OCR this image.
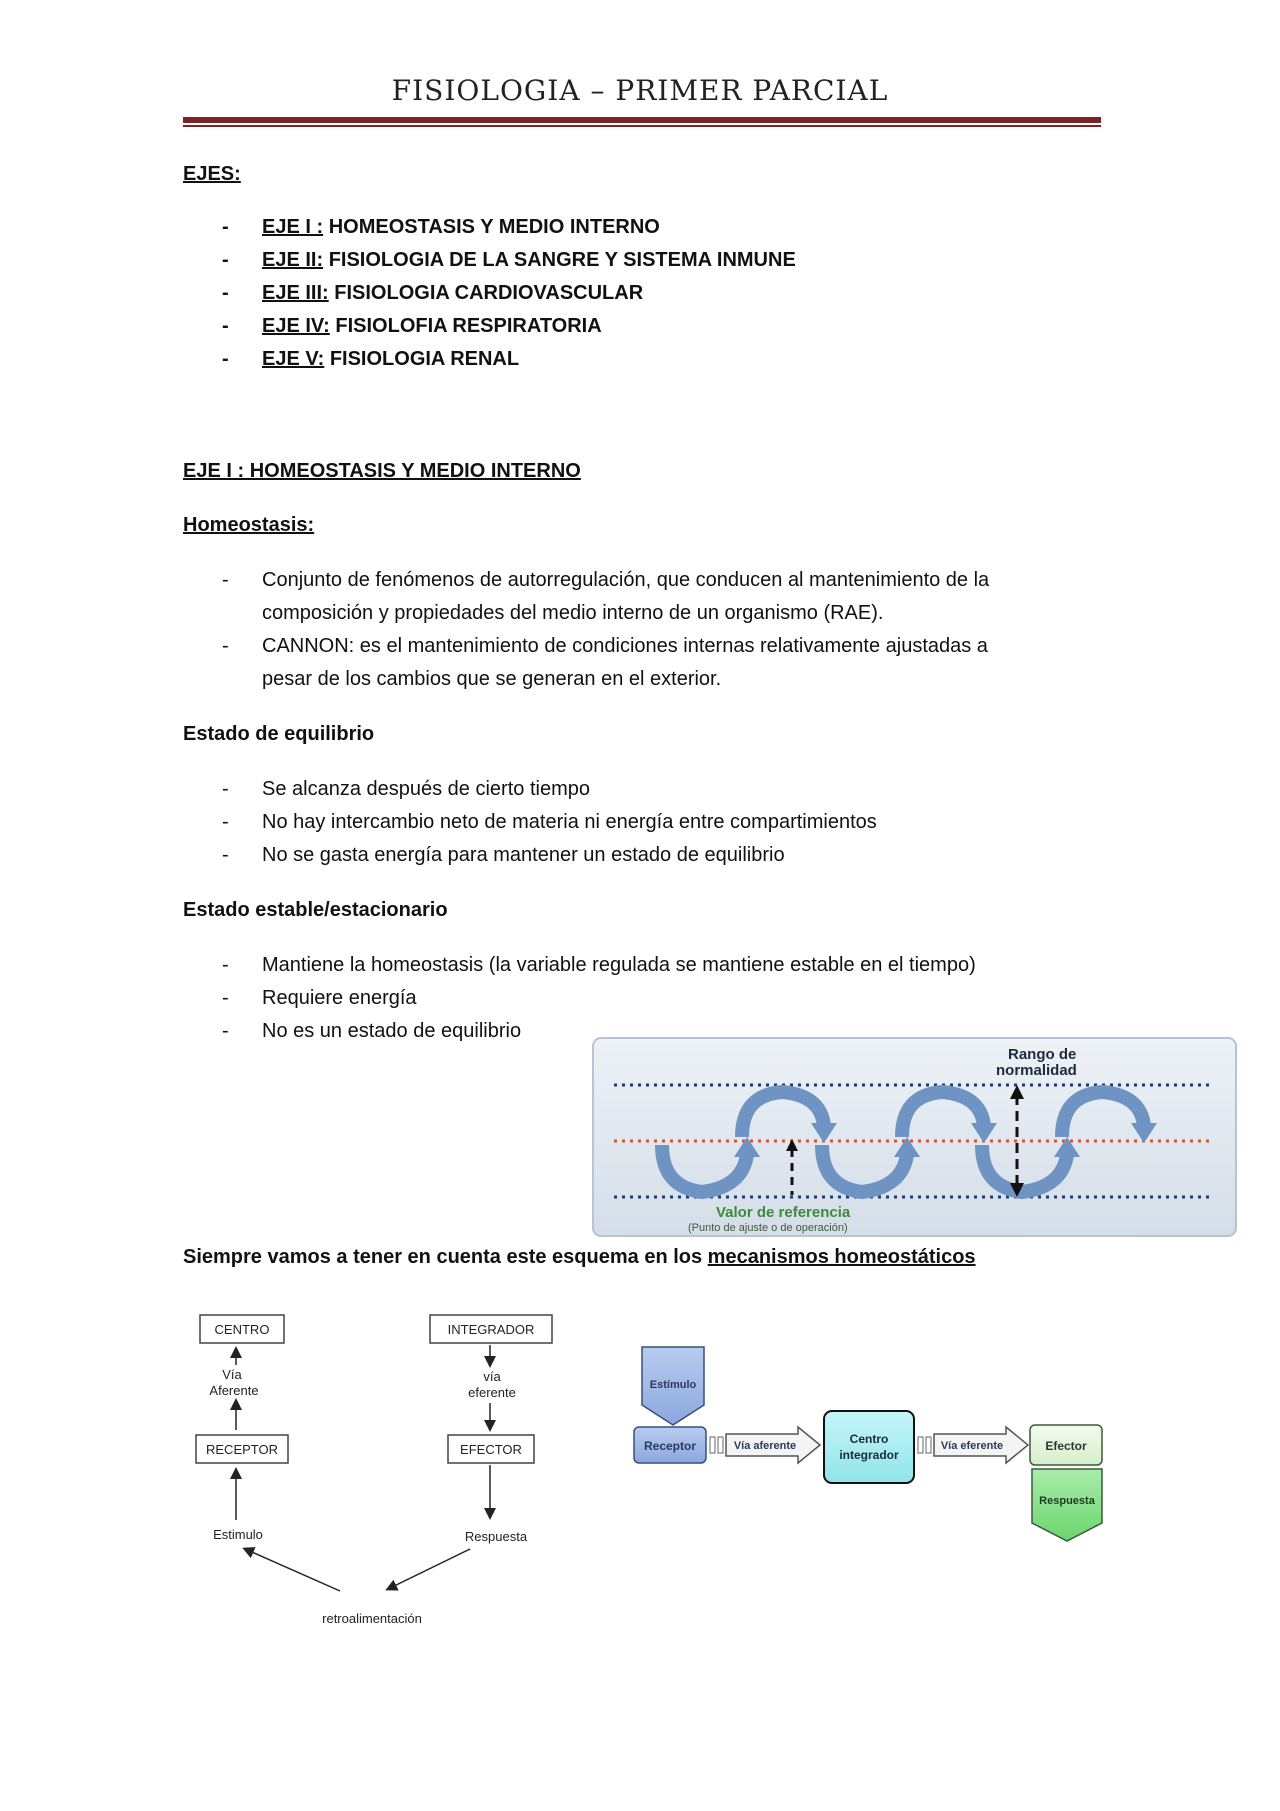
FISIOLOGIA – PRIMER PARCIAL
EJES:
- EJE I : HOMEOSTASIS Y MEDIO INTERNO
- EJE II: FISIOLOGIA DE LA SANGRE Y SISTEMA INMUNE
- EJE III: FISIOLOGIA CARDIOVASCULAR
- EJE IV: FISIOLOFIA RESPIRATORIA
- EJE V: FISIOLOGIA RENAL
EJE I : HOMEOSTASIS Y MEDIO INTERNO
Homeostasis:
- Conjunto de fenómenos de autorregulación, que conducen al mantenimiento de la
composición y propiedades del medio interno de un organismo (RAE).
- CANNON: es el mantenimiento de condiciones internas relativamente ajustadas a
pesar de los cambios que se generan en el exterior.
Estado de equilibrio
- Se alcanza después de cierto tiempo
- No hay intercambio neto de materia ni energía entre compartimientos
- No se gasta energía para mantener un estado de equilibrio
Estado estable/estacionario
- Mantiene la homeostasis (la variable regulada se mantiene estable en el tiempo)
- Requiere energía
- No es un estado de equilibrio
Rango de
normalidad
Valor de referencia
(Punto de ajuste o de operación)
Siempre vamos a tener en cuenta este esquema en los mecanismos homeostáticos
CENTRO
Vía
Aferente
RECEPTOR
Estimulo
INTEGRADOR
vía
eferente
EFECTOR
Respuesta
retroalimentación
Estímulo
Receptor	Vía aferente	Centro
integrador
Vía eferente	Efector
Respuesta
